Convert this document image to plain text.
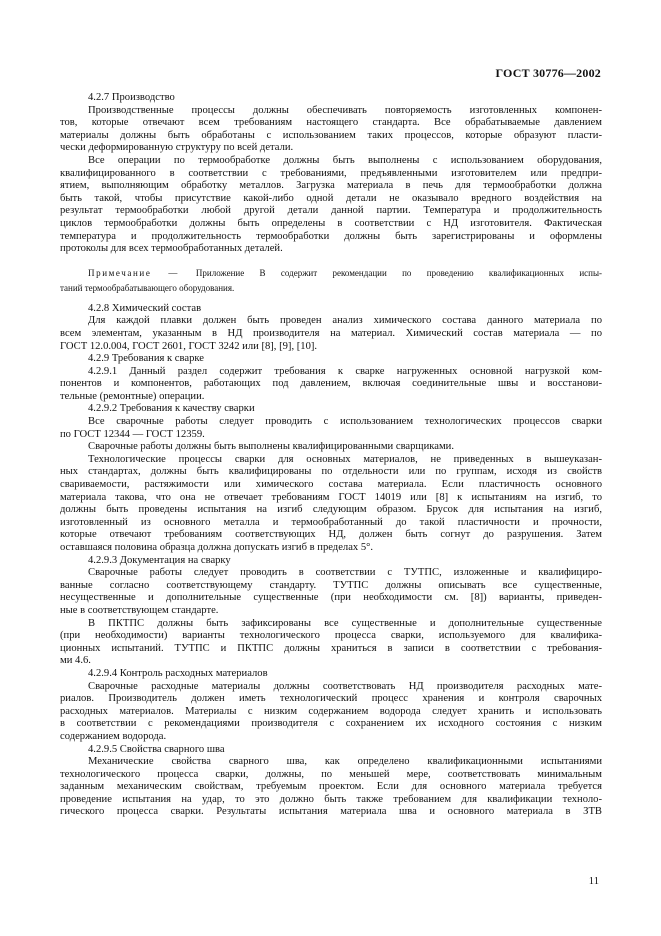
ГОСТ 30776—2002
4.2.7 Производство
Производственные процессы должны обеспечивать повторяемость изготовленных компонен-
тов, которые отвечают всем требованиям настоящего стандарта. Все обрабатываемые давлением
материалы должны быть обработаны с использованием таких процессов, которые образуют пласти-
чески деформированную структуру по всей детали.
Все операции по термообработке должны быть выполнены с использованием оборудования,
квалифицированного в соответствии с требованиями, предъявленными изготовителем или предпри-
ятием, выполняющим обработку металлов. Загрузка материала в печь для термообработки должна
быть такой, чтобы присутствие какой-либо одной детали не оказывало вредного воздействия на
результат термообработки любой другой детали данной партии. Температура и продолжительность
циклов термообработки должны быть определены в соответствии с НД изготовителя. Фактическая
температура и продолжительность термообработки должны быть зарегистрированы и оформлены
протоколы для всех термообработанных деталей.
Примечание — Приложение В содержит рекомендации по проведению квалификационных испы-
таний термообрабатывающего оборудования.
4.2.8 Химический состав
Для каждой плавки должен быть проведен анализ химического состава данного материала по
всем элементам, указанным в НД производителя на материал. Химический состав материала — по
ГОСТ 12.0.004, ГОСТ 2601, ГОСТ 3242 или [8], [9], [10].
4.2.9 Требования к сварке
4.2.9.1 Данный раздел содержит требования к сварке нагруженных основной нагрузкой ком-
понентов и компонентов, работающих под давлением, включая соединительные швы и восстанови-
тельные (ремонтные) операции.
4.2.9.2 Требования к качеству сварки
Все сварочные работы следует проводить с использованием технологических процессов сварки
по ГОСТ 12344 — ГОСТ 12359.
Сварочные работы должны быть выполнены квалифицированными сварщиками.
Технологические процессы сварки для основных материалов, не приведенных в вышеуказан-
ных стандартах, должны быть квалифицированы по отдельности или по группам, исходя из свойств
свариваемости, растяжимости или химического состава материала. Если пластичность основного
материала такова, что она не отвечает требованиям ГОСТ 14019 или [8] к испытаниям на изгиб, то
должны быть проведены испытания на изгиб следующим образом. Брусок для испытания на изгиб,
изготовленный из основного металла и термообработанный до такой пластичности и прочности,
которые отвечают требованиям соответствующих НД, должен быть согнут до разрушения. Затем
оставшаяся половина образца должна допускать изгиб в пределах 5°.
4.2.9.3 Документация на сварку
Сварочные работы следует проводить в соответствии с ТУТПС, изложенные и квалифициро-
ванные согласно соответствующему стандарту. ТУТПС должны описывать все существенные,
несущественные и дополнительные существенные (при необходимости см. [8]) варианты, приведен-
ные в соответствующем стандарте.
В ПКТПС должны быть зафиксированы все существенные и дополнительные существенные
(при необходимости) варианты технологического процесса сварки, используемого для квалифика-
ционных испытаний. ТУТПС и ПКТПС должны храниться в записи в соответствии с требования-
ми 4.6.
4.2.9.4 Контроль расходных материалов
Сварочные расходные материалы должны соответствовать НД производителя расходных мате-
риалов. Производитель должен иметь технологический процесс хранения и контроля сварочных
расходных материалов. Материалы с низким содержанием водорода следует хранить и использовать
в соответствии с рекомендациями производителя с сохранением их исходного состояния с низким
содержанием водорода.
4.2.9.5 Свойства сварного шва
Механические свойства сварного шва, как определено квалификационными испытаниями
технологического процесса сварки, должны, по меньшей мере, соответствовать минимальным
заданным механическим свойствам, требуемым проектом. Если для основного материала требуется
проведение испытания на удар, то это должно быть также требованием для квалификации техноло-
гического процесса сварки. Результаты испытания материала шва и основного материала в ЗТВ
11
